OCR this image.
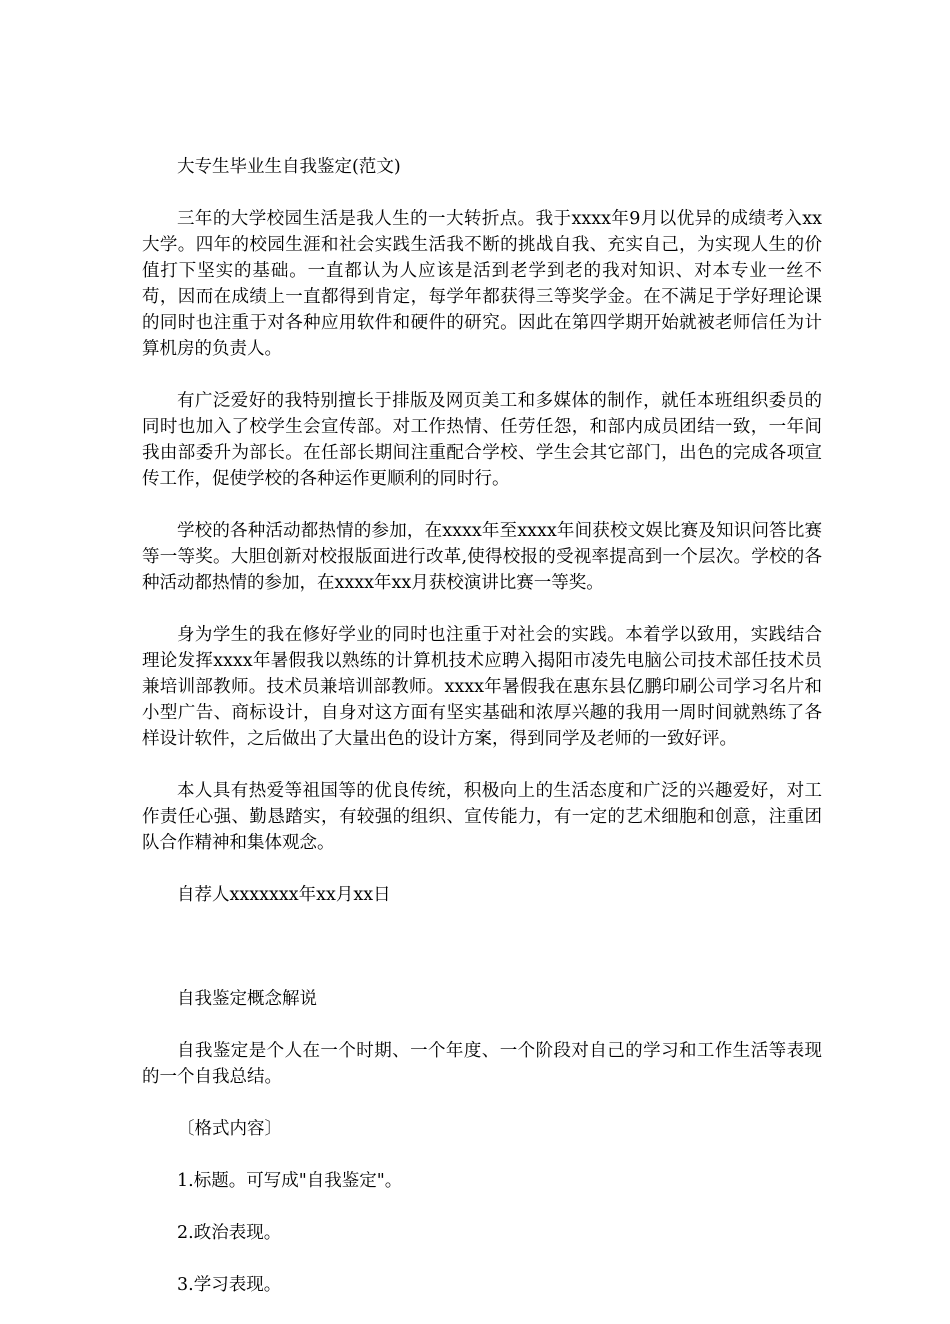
大专生毕业生自我鉴定(范文)

三年的大学校园生活是我人生的一大转折点。我于xxxx年9月以优异的成绩考入xx大学。四年的校园生涯和社会实践生活我不断的挑战自我、充实自己，为实现人生的价值打下坚实的基础。一直都认为人应该是活到老学到老的我对知识、对本专业一丝不苟，因而在成绩上一直都得到肯定，每学年都获得三等奖学金。在不满足于学好理论课的同时也注重于对各种应用软件和硬件的研究。因此在第四学期开始就被老师信任为计算机房的负责人。

有广泛爱好的我特别擅长于排版及网页美工和多媒体的制作，就任本班组织委员的同时也加入了校学生会宣传部。对工作热情、任劳任怨，和部内成员团结一致，一年间我由部委升为部长。在任部长期间注重配合学校、学生会其它部门，出色的完成各项宣传工作，促使学校的各种运作更顺利的同时行。

学校的各种活动都热情的参加，在xxxx年至xxxx年间获校文娱比赛及知识问答比赛等一等奖。大胆创新对校报版面进行改革,使得校报的受视率提高到一个层次。学校的各种活动都热情的参加，在xxxx年xx月获校演讲比赛一等奖。

身为学生的我在修好学业的同时也注重于对社会的实践。本着学以致用，实践结合理论发挥xxxx年暑假我以熟练的计算机技术应聘入揭阳市凌先电脑公司技术部任技术员兼培训部教师。技术员兼培训部教师。xxxx年暑假我在惠东县亿鹏印刷公司学习名片和小型广告、商标设计，自身对这方面有坚实基础和浓厚兴趣的我用一周时间就熟练了各样设计软件，之后做出了大量出色的设计方案，得到同学及老师的一致好评。

本人具有热爱等祖国等的优良传统，积极向上的生活态度和广泛的兴趣爱好，对工作责任心强、勤恳踏实，有较强的组织、宣传能力，有一定的艺术细胞和创意，注重团队合作精神和集体观念。

自荐人xxxxxxx年xx月xx日

自我鉴定概念解说

自我鉴定是个人在一个时期、一个年度、一个阶段对自己的学习和工作生活等表现的一个自我总结。

〔格式内容〕

1.标题。可写成"自我鉴定"。

2.政治表现。

3.学习表现。
